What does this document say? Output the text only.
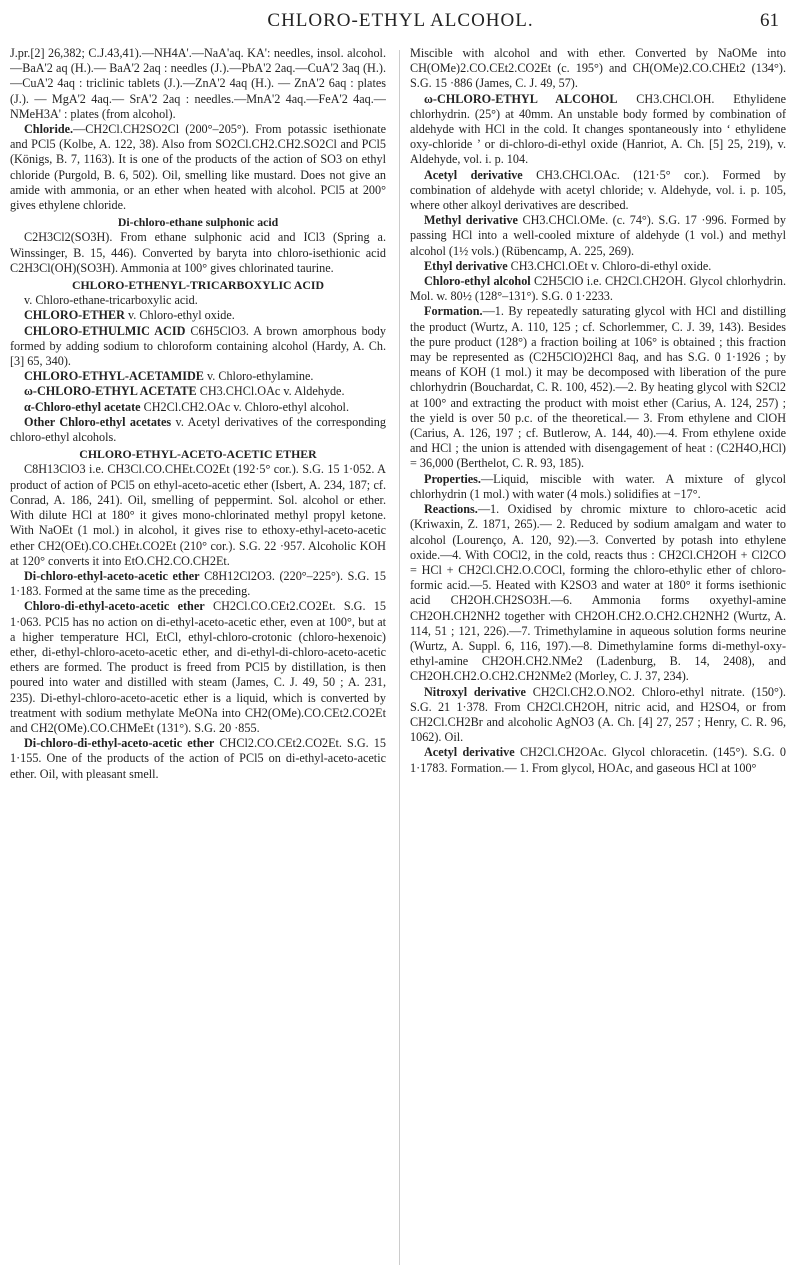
CHLORO-ETHYL ALCOHOL.	61
J.pr.[2] 26,382; C.J.43,41).—NH4A'.—NaA'aq. KA': needles, insol. alcohol.—BaA'2 aq (H.).— BaA'2 2aq : needles (J.).—PbA'2 2aq.—CuA'2 3aq (H.).—CuA'2 4aq : triclinic tablets (J.).—ZnA'2 4aq (H.). — ZnA'2 6aq : plates (J.). — MgA'2 4aq.— SrA'2 2aq : needles.—MnA'2 4aq.—FeA'2 4aq.— NMeH3A' : plates (from alcohol).
Chloride.—CH2Cl.CH2SO2Cl (200°–205°). From potassic isethionate and PCl5 (Kolbe, A. 122, 38). Also from SO2Cl.CH2.CH2.SO2Cl and PCl5 (Königs, B. 7, 1163). It is one of the products of the action of SO3 on ethyl chloride (Purgold, B. 6, 502). Oil, smelling like mustard. Does not give an amide with ammonia, or an ether when heated with alcohol. PCl5 at 200° gives ethylene chloride.
Di-chloro-ethane sulphonic acid
C2H3Cl2(SO3H). From ethane sulphonic acid and ICl3 (Spring a. Winssinger, B. 15, 446). Converted by baryta into chloro-isethionic acid C2H3Cl(OH)(SO3H). Ammonia at 100° gives chlorinated taurine.
CHLORO-ETHENYL-TRICARBOXYLIC ACID
v. Chloro-ethane-tricarboxylic acid.
CHLORO-ETHER v. Chloro-ethyl oxide.
CHLORO-ETHULMIC ACID C6H5ClO3. A brown amorphous body formed by adding sodium to chloroform containing alcohol (Hardy, A. Ch. [3] 65, 340).
CHLORO-ETHYL-ACETAMIDE v. Chloro-ethylamine.
ω-CHLORO-ETHYL ACETATE CH3.CHCl.OAc v. Aldehyde.
α-Chloro-ethyl acetate CH2Cl.CH2.OAc v. Chloro-ethyl alcohol.
Other Chloro-ethyl acetates v. Acetyl derivatives of the corresponding chloro-ethyl alcohols.
CHLORO-ETHYL-ACETO-ACETIC ETHER
C8H13ClO3 i.e. CH3Cl.CO.CHEt.CO2Et (192·5° cor.). S.G. 15 1·052. A product of action of PCl5 on ethyl-aceto-acetic ether (Isbert, A. 234, 187; cf. Conrad, A. 186, 241). Oil, smelling of peppermint. Sol. alcohol or ether. With dilute HCl at 180° it gives mono-chlorinated methyl propyl ketone. With NaOEt (1 mol.) in alcohol, it gives rise to ethoxy-ethyl-aceto-acetic ether CH2(OEt).CO.CHEt.CO2Et (210° cor.). S.G. 22 ·957. Alcoholic KOH at 120° converts it into EtO.CH2.CO.CH2Et.
Di-chloro-ethyl-aceto-acetic ether C8H12Cl2O3. (220°–225°). S.G. 15 1·183. Formed at the same time as the preceding.
Chloro-di-ethyl-aceto-acetic ether CH2Cl.CO.CEt2.CO2Et. S.G. 15 1·063. PCl5 has no action on di-ethyl-aceto-acetic ether, even at 100°, but at a higher temperature HCl, EtCl, ethyl-chloro-crotonic (chloro-hexenoic) ether, di-ethyl-chloro-aceto-acetic ether, and di-ethyl-di-chloro-aceto-acetic ethers are formed. The product is freed from PCl5 by distillation, is then poured into water and distilled with steam (James, C. J. 49, 50 ; A. 231, 235). Di-ethyl-chloro-aceto-acetic ether is a liquid, which is converted by treatment with sodium methylate MeONa into CH2(OMe).CO.CEt2.CO2Et and CH2(OMe).CO.CHMeEt (131°). S.G. 20 ·855.
Di-chloro-di-ethyl-aceto-acetic ether CHCl2.CO.CEt2.CO2Et. S.G. 15 1·155. One of the products of the action of PCl5 on di-ethyl-aceto-acetic ether. Oil, with pleasant smell.
Miscible with alcohol and with ether. Converted by NaOMe into CH(OMe)2.CO.CEt2.CO2Et (c. 195°) and CH(OMe)2.CO.CHEt2 (134°). S.G. 15 ·886 (James, C. J. 49, 57).
ω-CHLORO-ETHYL ALCOHOL CH3.CHCl.OH. Ethylidene chlorhydrin. (25°) at 40mm. An unstable body formed by combination of aldehyde with HCl in the cold. It changes spontaneously into ‘ ethylidene oxy-chloride ’ or di-chloro-di-ethyl oxide (Hanriot, A. Ch. [5] 25, 219), v. Aldehyde, vol. i. p. 104.
Acetyl derivative CH3.CHCl.OAc. (121·5° cor.). Formed by combination of aldehyde with acetyl chloride; v. Aldehyde, vol. i. p. 105, where other alkoyl derivatives are described.
Methyl derivative CH3.CHCl.OMe. (c. 74°). S.G. 17 ·996. Formed by passing HCl into a well-cooled mixture of aldehyde (1 vol.) and methyl alcohol (1½ vols.) (Rübencamp, A. 225, 269).
Ethyl derivative CH3.CHCl.OEt v. Chloro-di-ethyl oxide.
Chloro-ethyl alcohol C2H5ClO i.e. CH2Cl.CH2OH. Glycol chlorhydrin. Mol. w. 80½ (128°–131°). S.G. 0 1·2233.
Formation.—1. By repeatedly saturating glycol with HCl and distilling the product (Wurtz, A. 110, 125 ; cf. Schorlemmer, C. J. 39, 143). Besides the pure product (128°) a fraction boiling at 106° is obtained ; this fraction may be represented as (C2H5ClO)2HCl 8aq, and has S.G. 0 1·1926 ; by means of KOH (1 mol.) it may be decomposed with liberation of the pure chlorhydrin (Bouchardat, C. R. 100, 452).—2. By heating glycol with S2Cl2 at 100° and extracting the product with moist ether (Carius, A. 124, 257) ; the yield is over 50 p.c. of the theoretical.— 3. From ethylene and ClOH (Carius, A. 126, 197 ; cf. Butlerow, A. 144, 40).—4. From ethylene oxide and HCl ; the union is attended with disengagement of heat : (C2H4O,HCl) = 36,000 (Berthelot, C. R. 93, 185).
Properties.—Liquid, miscible with water. A mixture of glycol chlorhydrin (1 mol.) with water (4 mols.) solidifies at −17°.
Reactions.—1. Oxidised by chromic mixture to chloro-acetic acid (Kriwaxin, Z. 1871, 265).— 2. Reduced by sodium amalgam and water to alcohol (Lourenço, A. 120, 92).—3. Converted by potash into ethylene oxide.—4. With COCl2, in the cold, reacts thus : CH2Cl.CH2OH + Cl2CO = HCl + CH2Cl.CH2.O.COCl, forming the chloro-ethylic ether of chloro-formic acid.—5. Heated with K2SO3 and water at 180° it forms isethionic acid CH2OH.CH2SO3H.—6. Ammonia forms oxyethyl-amine CH2OH.CH2NH2 together with CH2OH.CH2.O.CH2.CH2NH2 (Wurtz, A. 114, 51 ; 121, 226).—7. Trimethylamine in aqueous solution forms neurine (Wurtz, A. Suppl. 6, 116, 197).—8. Dimethylamine forms di-methyl-oxy-ethyl-amine CH2OH.CH2.NMe2 (Ladenburg, B. 14, 2408), and CH2OH.CH2.O.CH2.CH2NMe2 (Morley, C. J. 37, 234).
Nitroxyl derivative CH2Cl.CH2.O.NO2. Chloro-ethyl nitrate. (150°). S.G. 21 1·378. From CH2Cl.CH2OH, nitric acid, and H2SO4, or from CH2Cl.CH2Br and alcoholic AgNO3 (A. Ch. [4] 27, 257 ; Henry, C. R. 96, 1062). Oil.
Acetyl derivative CH2Cl.CH2OAc. Glycol chloracetin. (145°). S.G. 0 1·1783. Formation.— 1. From glycol, HOAc, and gaseous HCl at 100°
